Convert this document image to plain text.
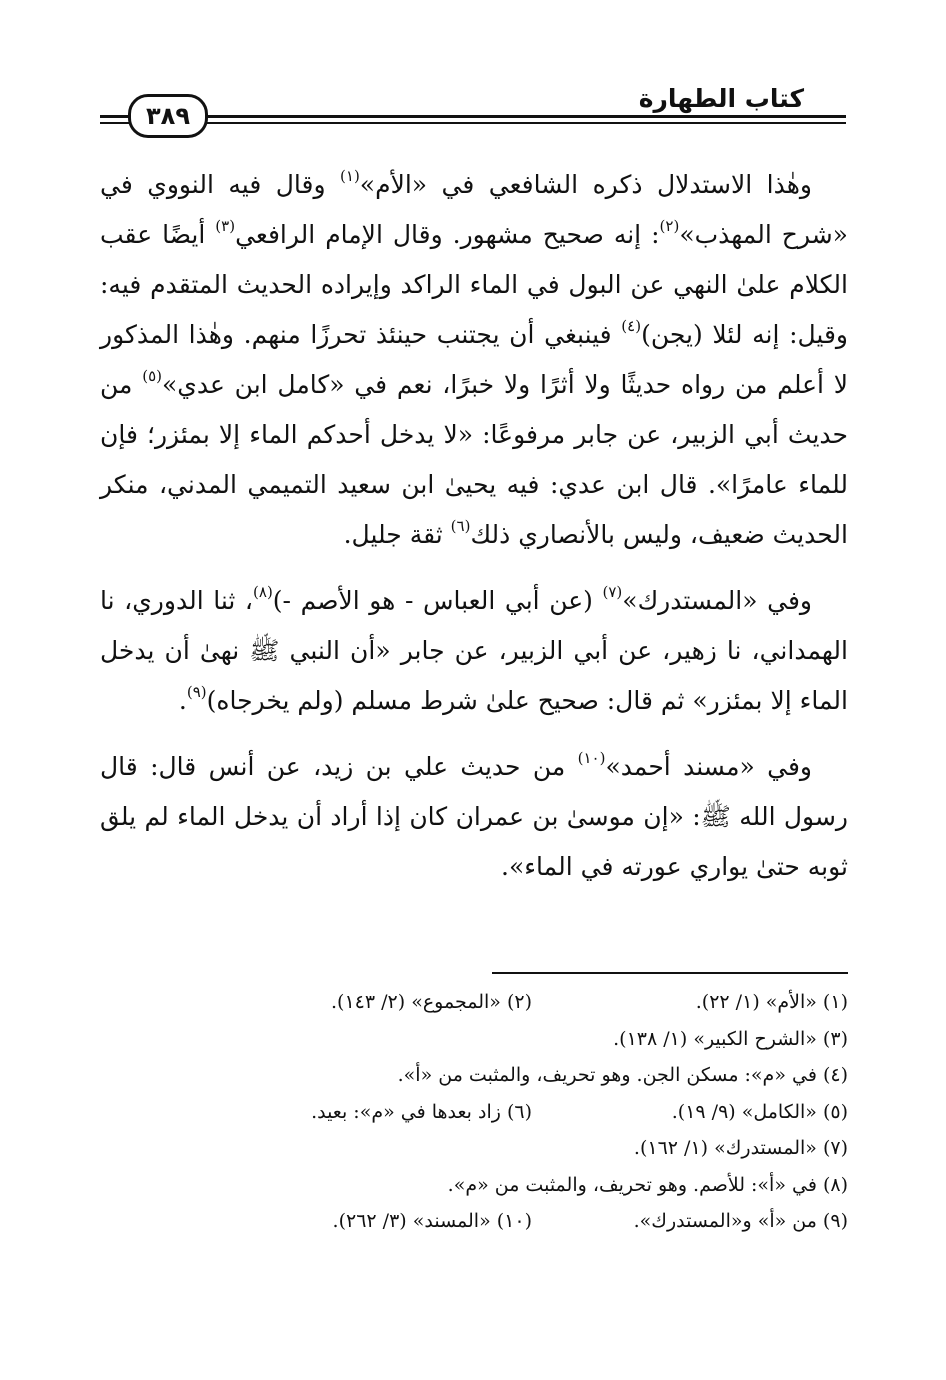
كتاب الطهارة
٣٨٩

وهٰذا الاستدلال ذكره الشافعي في «الأم»$^{(١)}$ وقال فيه النووي في «شرح المهذب»$^{(٢)}$: إنه صحيح مشهور. وقال الإمام الرافعي$^{(٣)}$ أيضًا عقب الكلام علىٰ النهي عن البول في الماء الراكد وإيراده الحديث المتقدم فيه: وقيل: إنه لئلا (يجن)$^{(٤)}$ فينبغي أن يجتنب حينئذ تحرزًا منهم. وهٰذا المذكور لا أعلم من رواه حديثًا ولا أثرًا ولا خبرًا، نعم في «كامل ابن عدي»$^{(٥)}$ من حديث أبي الزبير، عن جابر مرفوعًا: «لا يدخل أحدكم الماء إلا بمئزر؛ فإن للماء عامرًا». قال ابن عدي: فيه يحيىٰ ابن سعيد التميمي المدني، منكر الحديث ضعيف، وليس بالأنصاري ذلك$^{(٦)}$ ثقة جليل.

وفي «المستدرك»$^{(٧)}$ (عن أبي العباس - هو الأصم -)$^{(٨)}$، ثنا الدوري، نا الهمداني، نا زهير، عن أبي الزبير، عن جابر «أن النبي ﷺ نهىٰ أن يدخل الماء إلا بمئزر» ثم قال: صحيح علىٰ شرط مسلم (ولم يخرجاه)$^{(٩)}$.

وفي «مسند أحمد»$^{(١٠)}$ من حديث علي بن زيد، عن أنس قال: قال رسول الله ﷺ: «إن موسىٰ بن عمران كان إذا أراد أن يدخل الماء لم يلق ثوبه حتىٰ يواري عورته في الماء».

(١) «الأم» (١/ ٢٢).
(٢) «المجموع» (٢/ ١٤٣).
(٣) «الشرح الكبير» (١/ ١٣٨).
(٤) في «م»: مسكن الجن. وهو تحريف، والمثبت من «أ».
(٥) «الكامل» (٩/ ١٩).
(٦) زاد بعدها في «م»: بعيد.
(٧) «المستدرك» (١/ ١٦٢).
(٨) في «أ»: للأصم. وهو تحريف، والمثبت من «م».
(٩) من «أ» و«المستدرك».
(١٠) «المسند» (٣/ ٢٦٢).
